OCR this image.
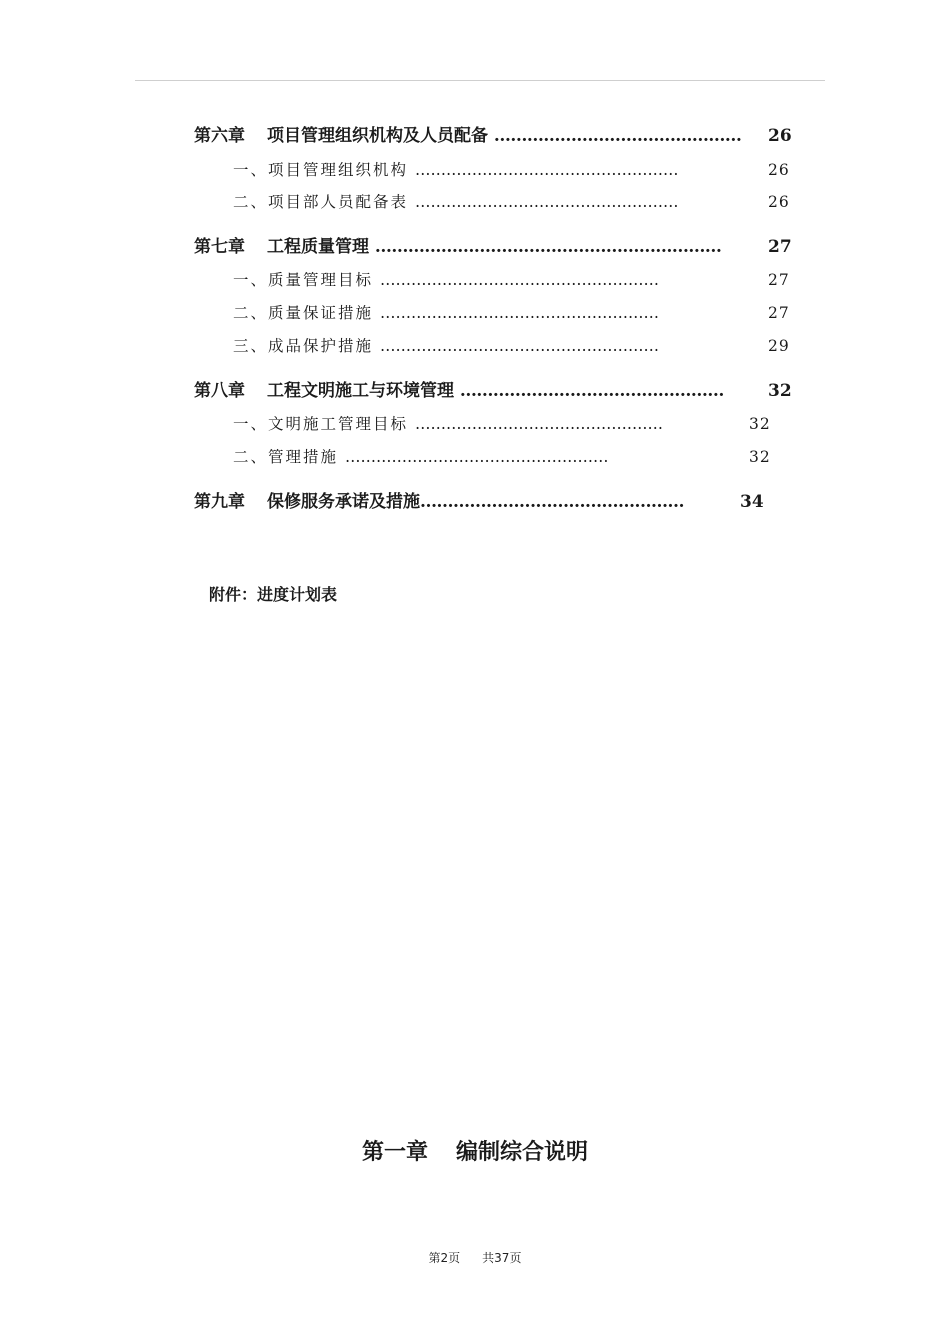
第六章 项目管理组织机构及人员配备 ……………………………………… 26
一、项目管理组织机构 ……………………………………………	26
二、项目部人员配备表 ……………………………………………	26
第七章 工程质量管理 ………………………………………………………	27
一、质量管理目标 ………………………………………………	27
二、质量保证措施 ………………………………………………	27
三、成品保护措施 ………………………………………………	29
第八章 工程文明施工与环境管理 …………………………………………	32
一、文明施工管理目标 …………………………………………	32
二、管理措施 ……………………………………………	32
第九章 保修服务承诺及措施…………………………………………	34
附件：进度计划表
第一章 编制综合说明
第2页 共37页
